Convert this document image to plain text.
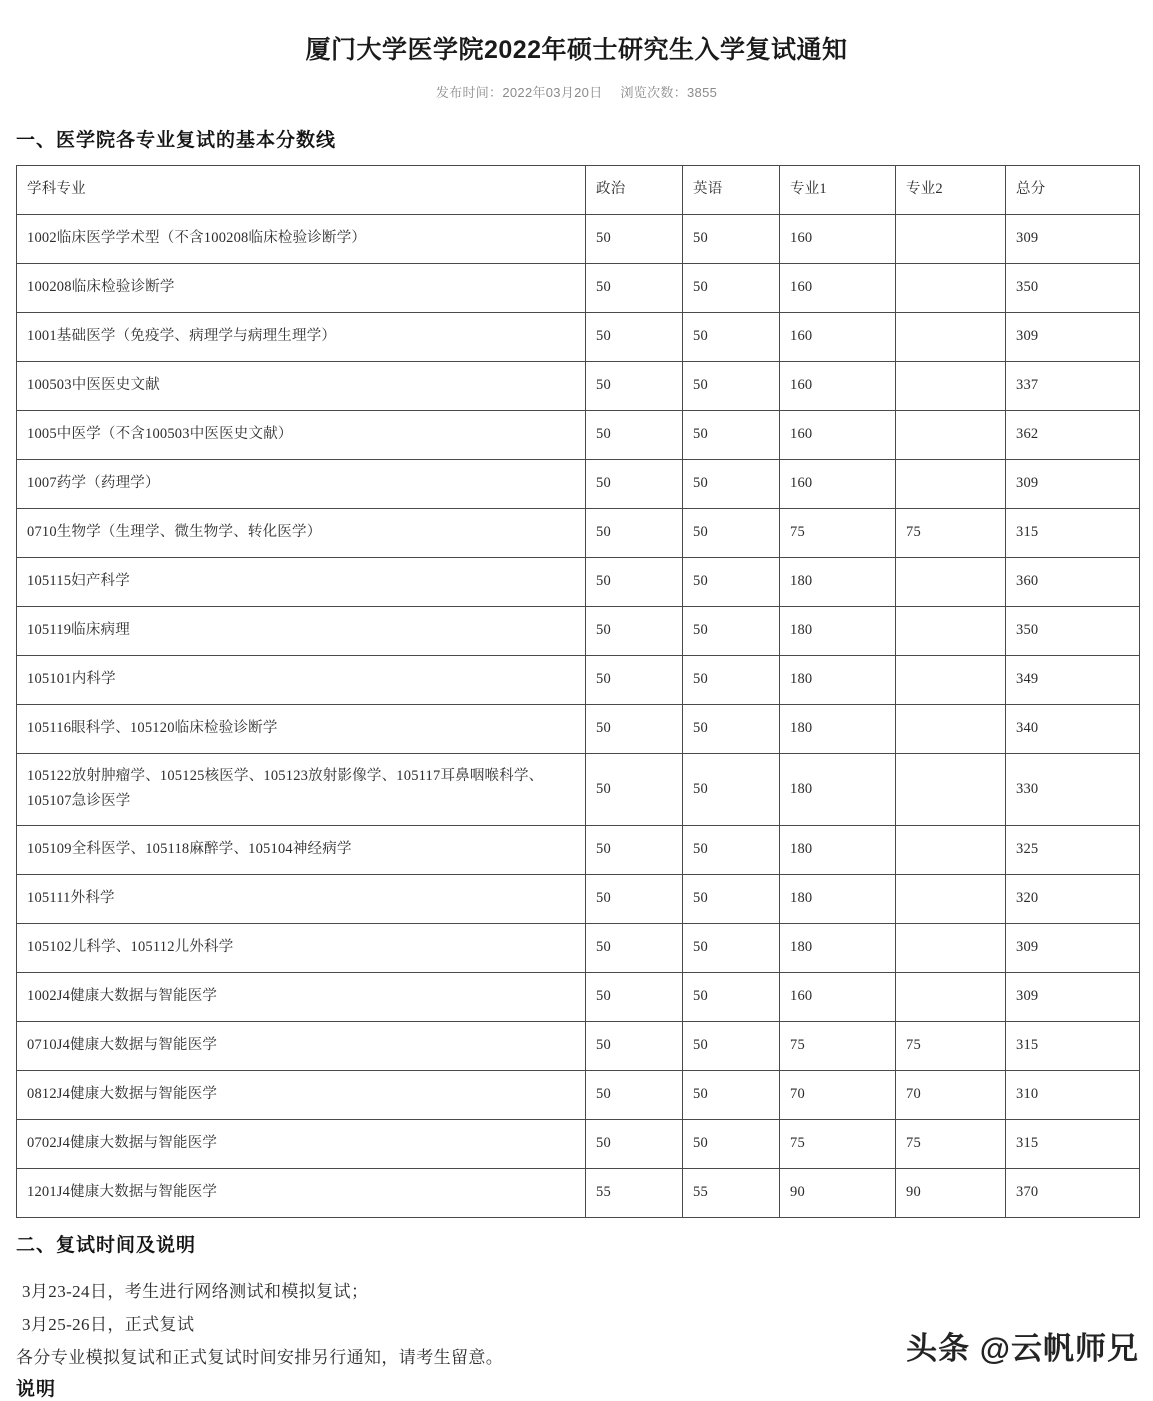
厦门大学医学院2022年硕士研究生入学复试通知
发布时间：2022年03月20日 浏览次数：3855
一、医学院各专业复试的基本分数线
学科专业	政治	英语	专业1	专业2	总分
1002临床医学学术型（不含100208临床检验诊断学）	50	50	160		309
100208临床检验诊断学	50	50	160		350
1001基础医学（免疫学、病理学与病理生理学）	50	50	160		309
100503中医医史文献	50	50	160		337
1005中医学（不含100503中医医史文献）	50	50	160		362
1007药学（药理学）	50	50	160		309
0710生物学（生理学、微生物学、转化医学）	50	50	75	75	315
105115妇产科学	50	50	180		360
105119临床病理	50	50	180		350
105101内科学	50	50	180		349
105116眼科学、105120临床检验诊断学	50	50	180		340
105122放射肿瘤学、105125核医学、105123放射影像学、105117耳鼻咽喉科学、105107急诊医学	50	50	180		330
105109全科医学、105118麻醉学、105104神经病学	50	50	180		325
105111外科学	50	50	180		320
105102儿科学、105112儿外科学	50	50	180		309
1002J4健康大数据与智能医学	50	50	160		309
0710J4健康大数据与智能医学	50	50	75	75	315
0812J4健康大数据与智能医学	50	50	70	70	310
0702J4健康大数据与智能医学	50	50	75	75	315
1201J4健康大数据与智能医学	55	55	90	90	370
二、复试时间及说明
3月23-24日，考生进行网络测试和模拟复试；
3月25-26日，正式复试
各分专业模拟复试和正式复试时间安排另行通知，请考生留意。
说明
头条 @云帆师兄
